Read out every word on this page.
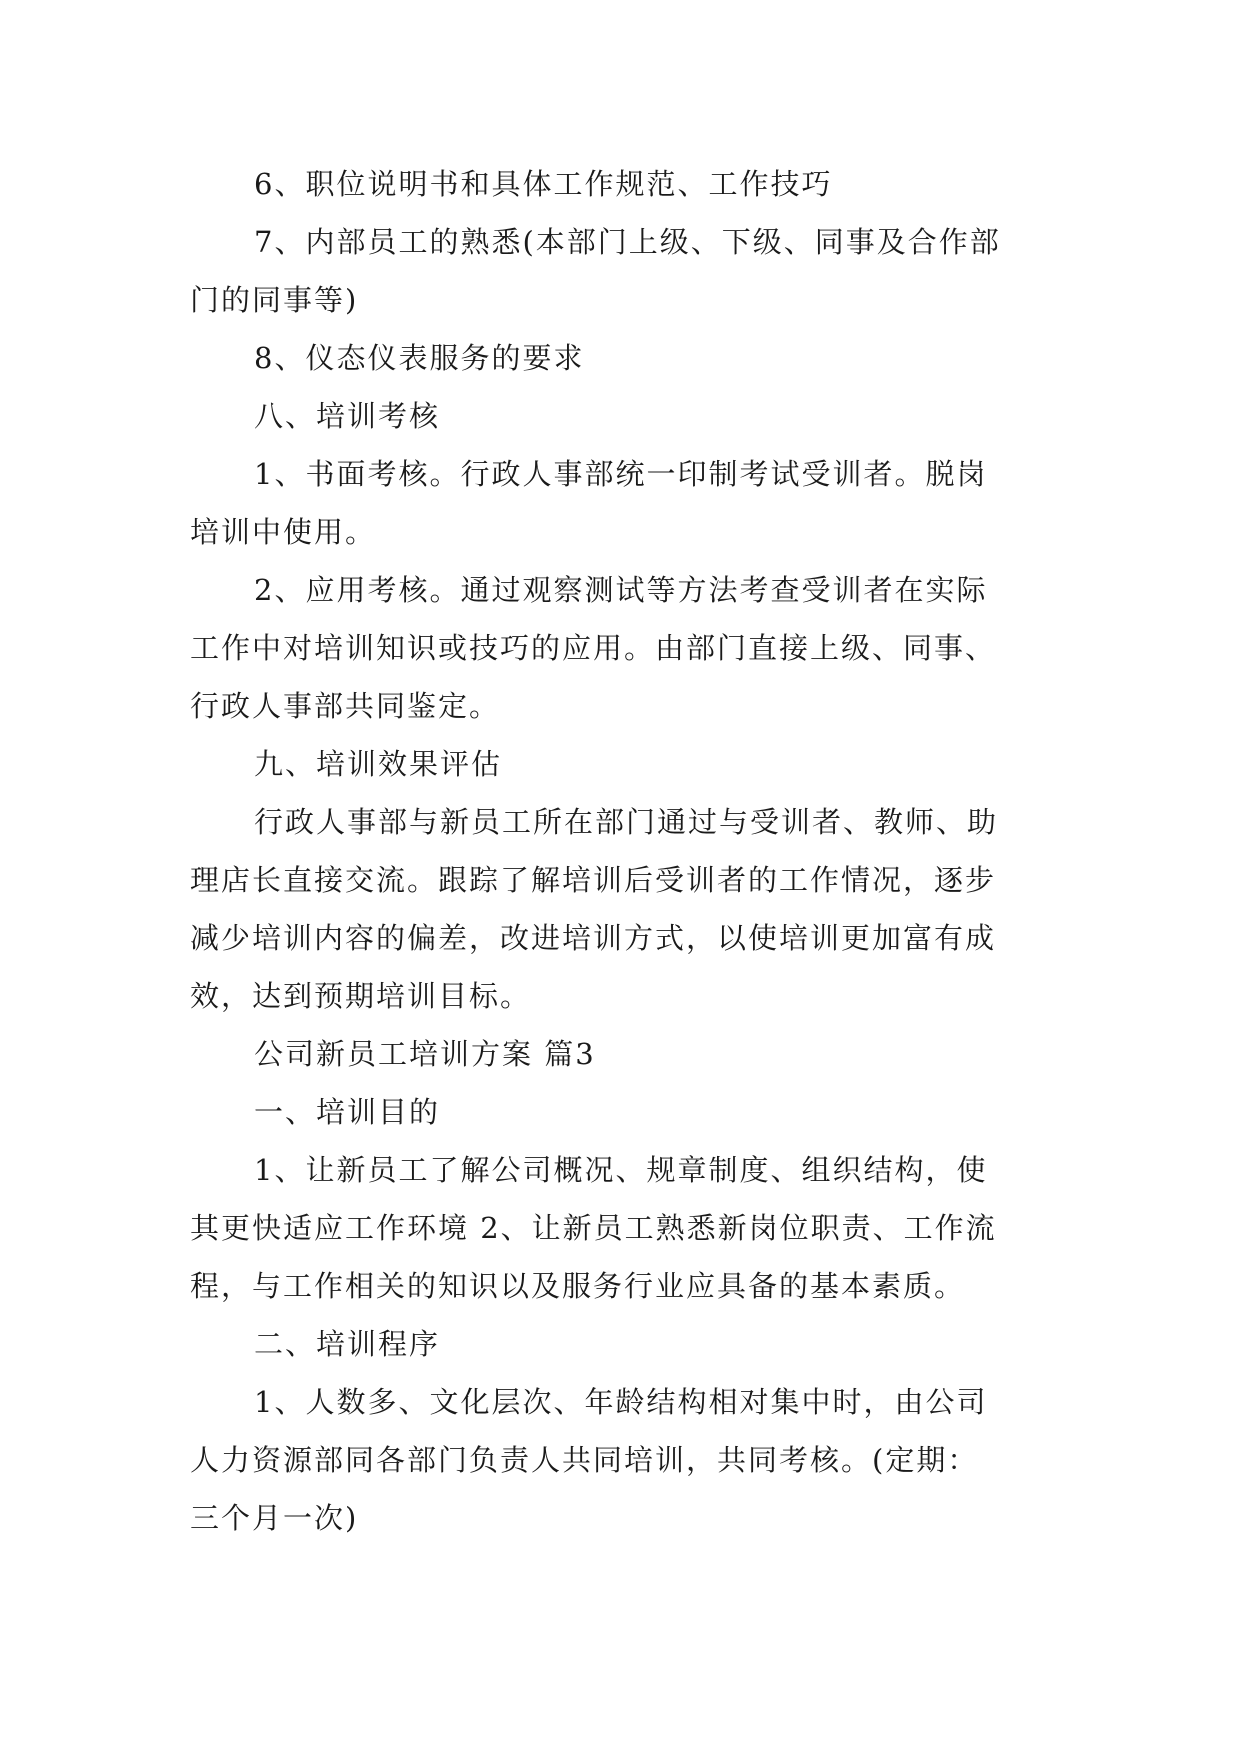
6、职位说明书和具体工作规范、工作技巧
7、内部员工的熟悉(本部门上级、下级、同事及合作部
门的同事等)
8、仪态仪表服务的要求
八、培训考核
1、书面考核。行政人事部统一印制考试受训者。脱岗
培训中使用。
2、应用考核。通过观察测试等方法考查受训者在实际
工作中对培训知识或技巧的应用。由部门直接上级、同事、
行政人事部共同鉴定。
九、培训效果评估
行政人事部与新员工所在部门通过与受训者、教师、助
理店长直接交流。跟踪了解培训后受训者的工作情况，逐步
减少培训内容的偏差，改进培训方式，以使培训更加富有成
效，达到预期培训目标。
公司新员工培训方案 篇3
一、培训目的
1、让新员工了解公司概况、规章制度、组织结构，使
其更快适应工作环境 2、让新员工熟悉新岗位职责、工作流
程，与工作相关的知识以及服务行业应具备的基本素质。
二、培训程序
1、人数多、文化层次、年龄结构相对集中时，由公司
人力资源部同各部门负责人共同培训，共同考核。(定期：
三个月一次)
